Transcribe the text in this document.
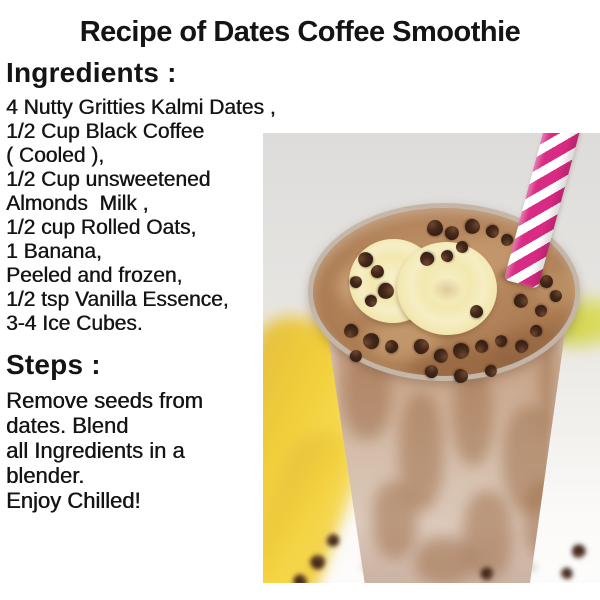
Recipe of Dates Coffee Smoothie
Ingredients :
4 Nutty Gritties Kalmi Dates ,
1/2 Cup Black Coffee
( Cooled ),
1/2 Cup unsweetened
Almonds  Milk ,
1/2 cup Rolled Oats,
1 Banana,
Peeled and frozen,
1/2 tsp Vanilla Essence,
3-4 Ice Cubes.
Steps :
Remove seeds from
dates. Blend
all Ingredients in a
blender.
Enjoy Chilled!
